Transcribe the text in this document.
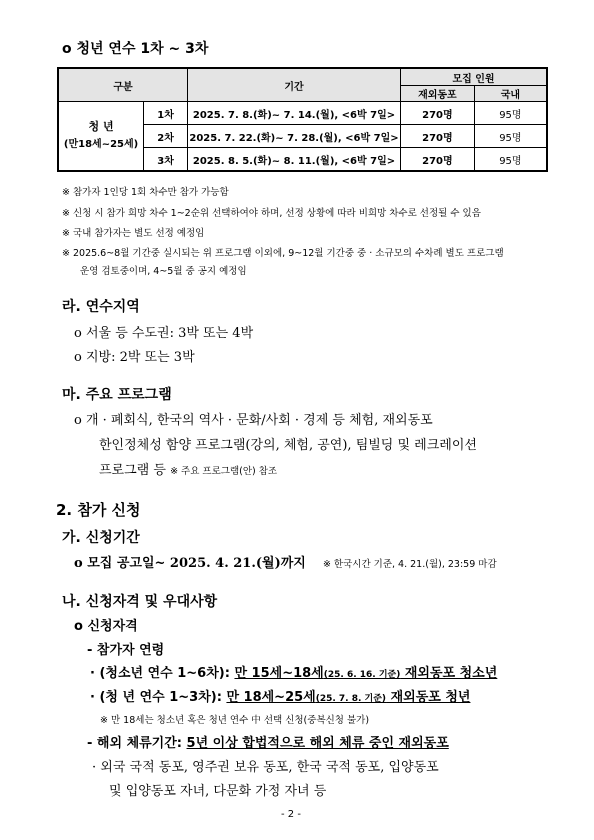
o 청년 연수 1차 ~ 3차
구분		기간	모집 인원	
			재외동포	국내

청 년
(만18세~25세)	1차	2025. 7. 8.(화)~ 7. 14.(월), <6박 7일>	270명	95명
	2차	2025. 7. 22.(화)~ 7. 28.(월), <6박 7일>	270명	95명
	3차	2025. 8. 5.(화)~ 8. 11.(월), <6박 7일>	270명	95명
※ 참가자 1인당 1회 차수만 참가 가능함
※ 신청 시 참가 희망 차수 1~2순위 선택하여야 하며, 선정 상황에 따라 비희망 차수로 선정될 수 있음
※ 국내 참가자는 별도 선정 예정임
※ 2025.6~8월 기간중 실시되는 위 프로그램 이외에, 9~12월 기간중 중 · 소규모의 수차례 별도 프로그램
운영 검토중이며, 4~5월 중 공지 예정임
라. 연수지역
o 서울 등 수도권: 3박 또는 4박
o 지방: 2박 또는 3박
마. 주요 프로그램
o 개 · 폐회식, 한국의 역사 · 문화/사회 · 경제 등 체험, 재외동포
한인정체성 함양 프로그램(강의, 체험, 공연), 팀빌딩 및 레크레이션
프로그램 등 ※ 주요 프로그램(안) 참조
2. 참가 신청
가. 신청기간
o 모집 공고일~ 2025. 4. 21.(월)까지 ※ 한국시간 기준, 4. 21.(월), 23:59 마감
나. 신청자격 및 우대사항
o 신청자격
- 참가자 연령
· (청소년 연수 1~6차): 만 15세~18세(25. 6. 16. 기준) 재외동포 청소년
· (청 년 연수 1~3차): 만 18세~25세(25. 7. 8. 기준) 재외동포 청년
※ 만 18세는 청소년 혹은 청년 연수 中 선택 신청(중복신청 불가)
- 해외 체류기간: 5년 이상 합법적으로 해외 체류 중인 재외동포
· 외국 국적 동포, 영주권 보유 동포, 한국 국적 동포, 입양동포
및 입양동포 자녀, 다문화 가정 자녀 등
- 2 -
